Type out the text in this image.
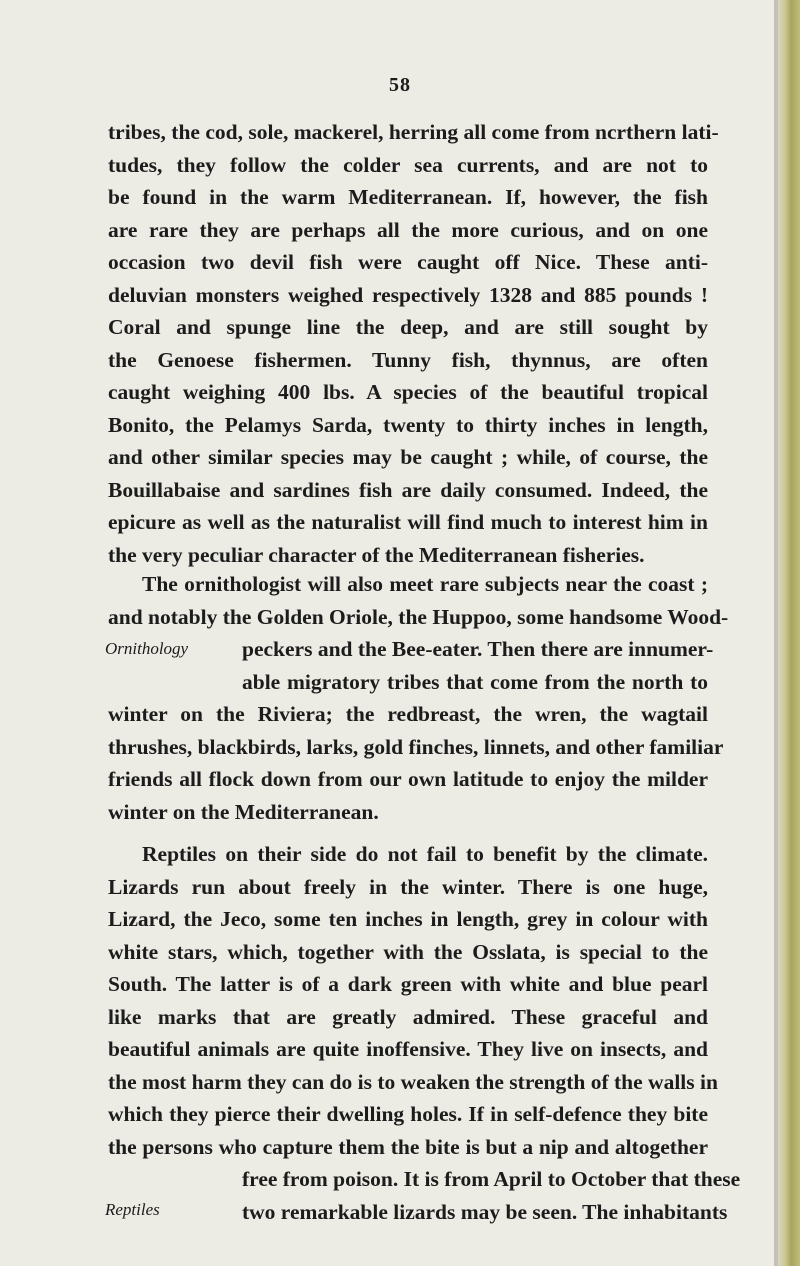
58
tribes, the cod, sole, mackerel, herring all come from ncrthern lati-
tudes, they follow the colder sea currents, and are not to
be found in the warm Mediterranean. If, however, the fish
are rare they are perhaps all the more curious, and on one
occasion two devil fish were caught off Nice. These anti-
deluvian monsters weighed respectively 1328 and 885 pounds !
Coral and spunge line the deep, and are still sought by
the Genoese fishermen. Tunny fish, thynnus, are often
caught weighing 400 lbs. A species of the beautiful tropical
Bonito, the Pelamys Sarda, twenty to thirty inches in length,
and other similar species may be caught ; while, of course, the
Bouillabaise and sardines fish are daily consumed. Indeed, the
epicure as well as the naturalist will find much to interest him in
the very peculiar character of the Mediterranean fisheries.
The ornithologist will also meet rare subjects near the coast ;
and notably the Golden Oriole, the Huppoo, some handsome Wood-
peckers and the Bee-eater. Then there are innumer-
able migratory tribes that come from the north to
winter on the Riviera; the redbreast, the wren, the wagtail
thrushes, blackbirds, larks, gold finches, linnets, and other familiar
friends all flock down from our own latitude to enjoy the milder
winter on the Mediterranean.
Ornithology
Reptiles on their side do not fail to benefit by the climate.
Lizards run about freely in the winter. There is one huge,
Lizard, the Jeco, some ten inches in length, grey in colour with
white stars, which, together with the Osslata, is special to the
South. The latter is of a dark green with white and blue pearl
like marks that are greatly admired. These graceful and
beautiful animals are quite inoffensive. They live on insects, and
the most harm they can do is to weaken the strength of the walls in
which they pierce their dwelling holes. If in self-defence they bite
the persons who capture them the bite is but a nip and altogether
free from poison. It is from April to October that these
two remarkable lizards may be seen. The inhabitants
Reptiles
